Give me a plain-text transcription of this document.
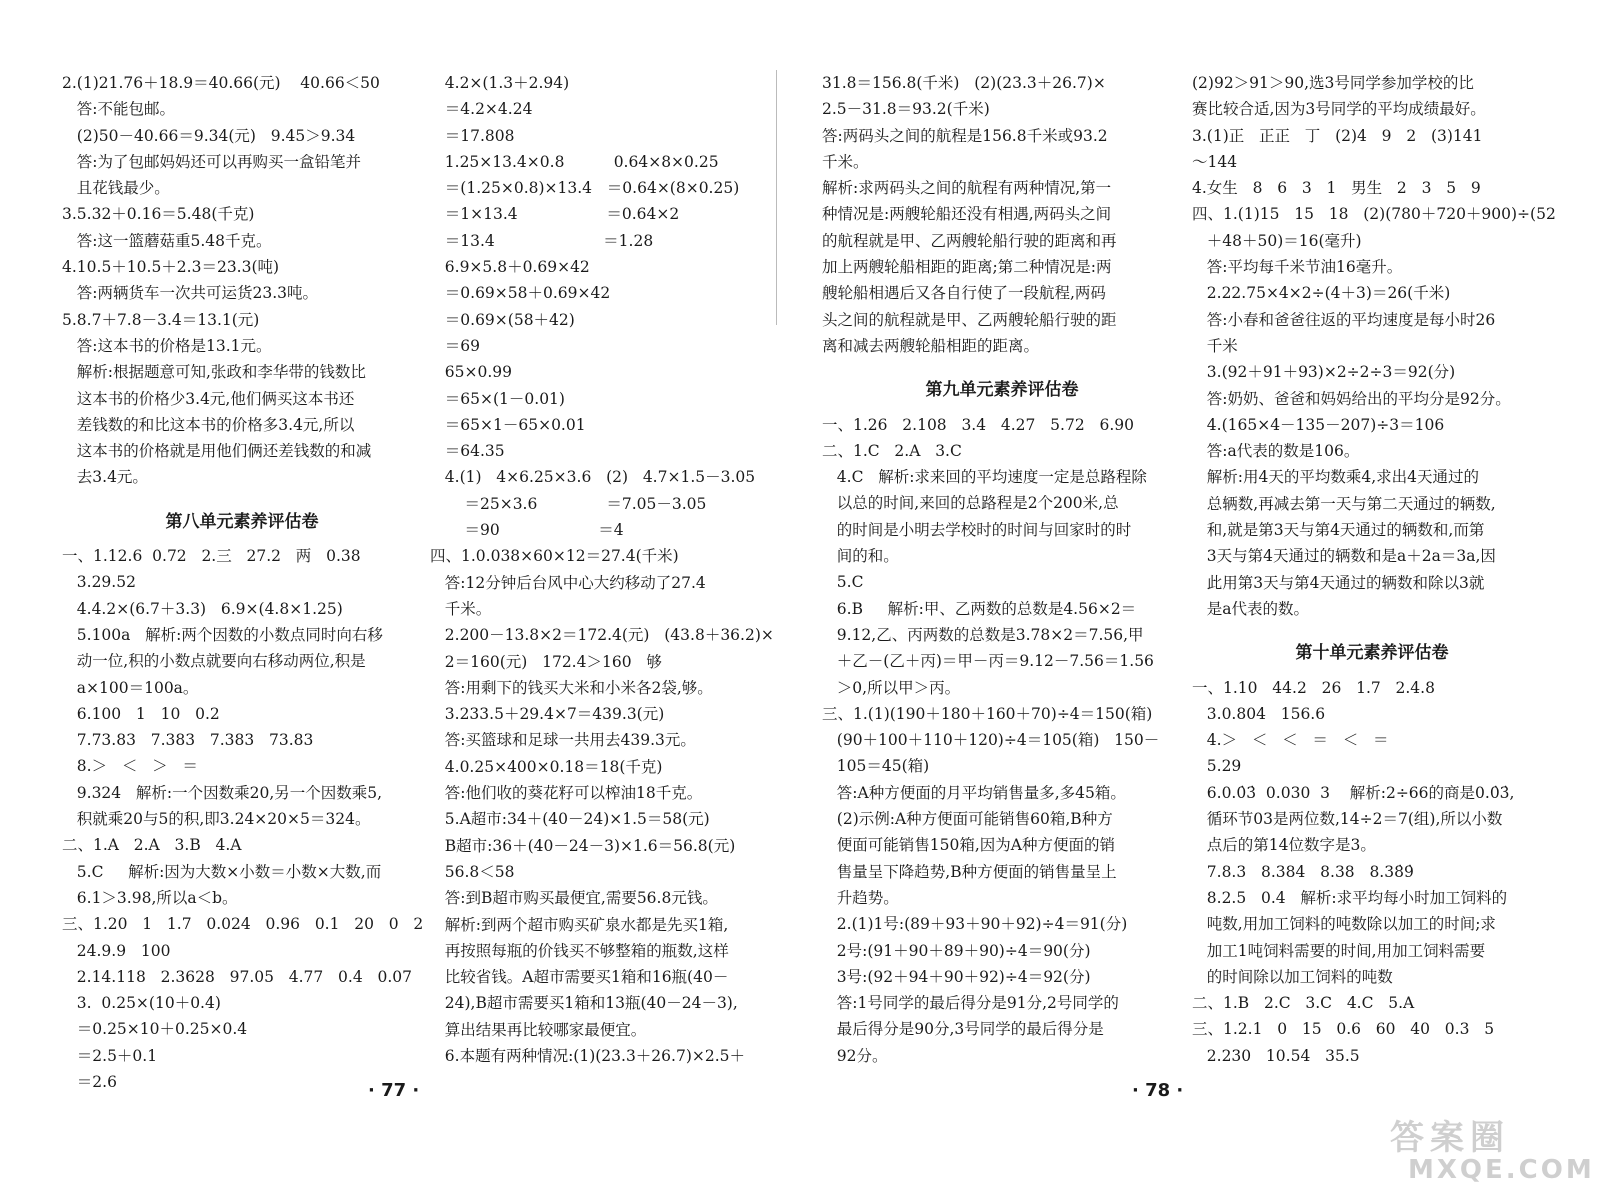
2.(1)21.76＋18.9＝40.66(元)    40.66＜50
答:不能包邮。
(2)50－40.66＝9.34(元)   9.45＞9.34
答:为了包邮妈妈还可以再购买一盒铅笔并
且花钱最少。
3.5.32＋0.16＝5.48(千克)
答:这一篮蘑菇重5.48千克。
4.10.5＋10.5＋2.3＝23.3(吨)
答:两辆货车一次共可运货23.3吨。
5.8.7＋7.8－3.4＝13.1(元)
答:这本书的价格是13.1元。
解析:根据题意可知,张政和李华带的钱数比
这本书的价格少3.4元,他们俩买这本书还
差钱数的和比这本书的价格多3.4元,所以
这本书的价格就是用他们俩还差钱数的和减
去3.4元。
第八单元素养评估卷
一、1.12.6  0.72   2.三   27.2   两   0.38
3.29.52
4.4.2×(6.7＋3.3)   6.9×(4.8×1.25)
5.100a   解析:两个因数的小数点同时向右移
动一位,积的小数点就要向右移动两位,积是
a×100＝100a。
6.100   1   10   0.2
7.73.83   7.383   7.383   73.83
8.＞   ＜   ＞   ＝
9.324   解析:一个因数乘20,另一个因数乘5,
积就乘20与5的积,即3.24×20×5＝324。
二、1.A   2.A   3.B   4.A
5.C     解析:因为大数×小数＝小数×大数,而
6.1＞3.98,所以a＜b。
三、1.20   1   1.7   0.024   0.96   0.1   20   0   2
24.9.9   100
2.14.118   2.3628   97.05   4.77   0.4   0.07
3.  0.25×(10＋0.4)
＝0.25×10＋0.25×0.4
＝2.5＋0.1
＝2.6
4.2×(1.3＋2.94)
＝4.2×4.24
＝17.808
1.25×13.4×0.8          0.64×8×0.25
＝(1.25×0.8)×13.4   ＝0.64×(8×0.25)
＝1×13.4                  ＝0.64×2
＝13.4                      ＝1.28
6.9×5.8＋0.69×42
＝0.69×58＋0.69×42
＝0.69×(58＋42)
＝69
65×0.99
＝65×(1－0.01)
＝65×1－65×0.01
＝64.35
4.(1)   4×6.25×3.6   (2)   4.7×1.5－3.05
＝25×3.6              ＝7.05－3.05
＝90                    ＝4
四、1.0.038×60×12＝27.4(千米)
答:12分钟后台风中心大约移动了27.4
千米。
2.200－13.8×2＝172.4(元)   (43.8＋36.2)×
2＝160(元)   172.4＞160   够
答:用剩下的钱买大米和小米各2袋,够。
3.233.5＋29.4×7＝439.3(元)
答:买篮球和足球一共用去439.3元。
4.0.25×400×0.18＝18(千克)
答:他们收的葵花籽可以榨油18千克。
5.A超市:34＋(40－24)×1.5＝58(元)
B超市:36＋(40－24－3)×1.6＝56.8(元)
56.8＜58
答:到B超市购买最便宜,需要56.8元钱。
解析:到两个超市购买矿泉水都是先买1箱,
再按照每瓶的价钱买不够整箱的瓶数,这样
比较省钱。A超市需要买1箱和16瓶(40－
24),B超市需要买1箱和13瓶(40－24－3),
算出结果再比较哪家最便宜。
6.本题有两种情况:(1)(23.3＋26.7)×2.5＋
31.8＝156.8(千米)   (2)(23.3＋26.7)×
2.5－31.8＝93.2(千米)
答:两码头之间的航程是156.8千米或93.2
千米。
解析:求两码头之间的航程有两种情况,第一
种情况是:两艘轮船还没有相遇,两码头之间
的航程就是甲、乙两艘轮船行驶的距离和再
加上两艘轮船相距的距离;第二种情况是:两
艘轮船相遇后又各自行使了一段航程,两码
头之间的航程就是甲、乙两艘轮船行驶的距
离和减去两艘轮船相距的距离。
第九单元素养评估卷
一、1.26   2.108   3.4   4.27   5.72   6.90
二、1.C   2.A   3.C
4.C   解析:求来回的平均速度一定是总路程除
以总的时间,来回的总路程是2个200米,总
的时间是小明去学校时的时间与回家时的时
间的和。
5.C
6.B     解析:甲、乙两数的总数是4.56×2＝
9.12,乙、丙两数的总数是3.78×2＝7.56,甲
＋乙－(乙＋丙)＝甲－丙＝9.12－7.56＝1.56
＞0,所以甲＞丙。
三、1.(1)(190＋180＋160＋70)÷4＝150(箱)
(90＋100＋110＋120)÷4＝105(箱)   150－
105＝45(箱)
答:A种方便面的月平均销售量多,多45箱。
(2)示例:A种方便面可能销售60箱,B种方
便面可能销售150箱,因为A种方便面的销
售量呈下降趋势,B种方便面的销售量呈上
升趋势。
2.(1)1号:(89＋93＋90＋92)÷4＝91(分)
2号:(91＋90＋89＋90)÷4＝90(分)
3号:(92＋94＋90＋92)÷4＝92(分)
答:1号同学的最后得分是91分,2号同学的
最后得分是90分,3号同学的最后得分是
92分。
(2)92＞91＞90,选3号同学参加学校的比
赛比较合适,因为3号同学的平均成绩最好。
3.(1)正   正正   丁   (2)4   9   2   (3)141
～144
4.女生   8   6   3   1   男生   2   3   5   9
四、1.(1)15   15   18   (2)(780＋720＋900)÷(52
＋48＋50)＝16(毫升)
答:平均每千米节油16毫升。
2.22.75×4×2÷(4＋3)＝26(千米)
答:小春和爸爸往返的平均速度是每小时26
千米
3.(92＋91＋93)×2÷2÷3＝92(分)
答:奶奶、爸爸和妈妈给出的平均分是92分。
4.(165×4－135－207)÷3＝106
答:a代表的数是106。
解析:用4天的平均数乘4,求出4天通过的
总辆数,再减去第一天与第二天通过的辆数,
和,就是第3天与第4天通过的辆数和,而第
3天与第4天通过的辆数和是a＋2a＝3a,因
此用第3天与第4天通过的辆数和除以3就
是a代表的数。
第十单元素养评估卷
一、1.10   44.2   26   1.7   2.4.8
3.0.804   156.6
4.＞   ＜   ＜   ＝   ＜   ＝
5.29
6.0.0̇3̇  0.030  3    解析:2÷66的商是0.0̇3̇,
循环节03是两位数,14÷2＝7(组),所以小数
点后的第14位数字是3。
7.8.3   8.384   8.38   8.38̇9̇
8.2.5   0.4   解析:求平均每小时加工饲料的
吨数,用加工饲料的吨数除以加工的时间;求
加工1吨饲料需要的时间,用加工饲料需要
的时间除以加工饲料的吨数
二、1.B   2.C   3.C   4.C   5.A
三、1.2.1   0   15   0.6   60   40   0.3   5
2.230   10.54   35.5
· 77 ·	· 78 ·
答案圈
MXQE.COM
